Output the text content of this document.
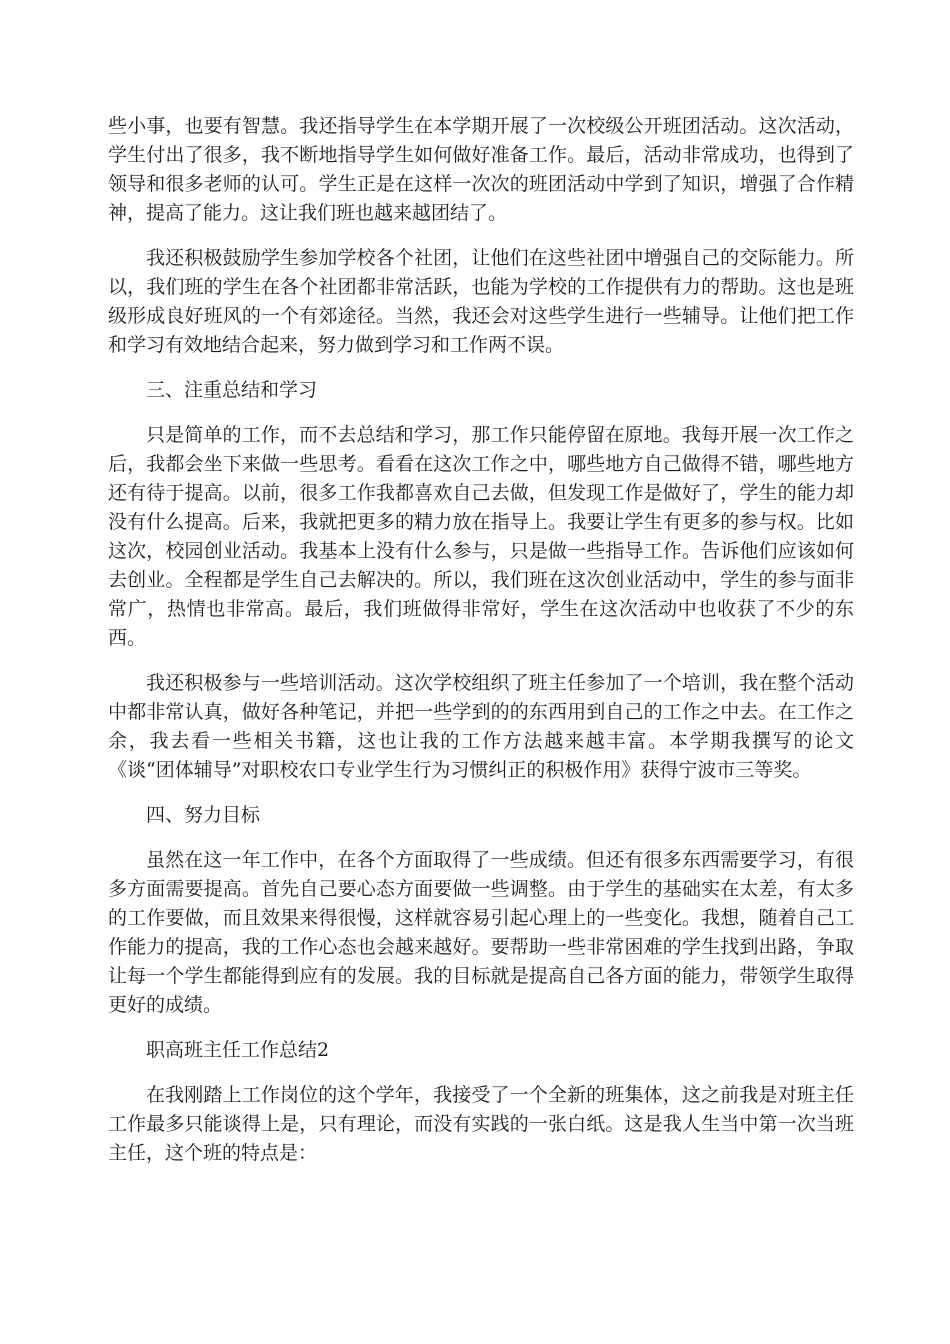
些小事，也要有智慧。我还指导学生在本学期开展了一次校级公开班团活动。这次活动，学生付出了很多，我不断地指导学生如何做好准备工作。最后，活动非常成功，也得到了领导和很多老师的认可。学生正是在这样一次次的班团活动中学到了知识，增强了合作精神，提高了能力。这让我们班也越来越团结了。

我还积极鼓励学生参加学校各个社团，让他们在这些社团中增强自己的交际能力。所以，我们班的学生在各个社团都非常活跃，也能为学校的工作提供有力的帮助。这也是班级形成良好班风的一个有郊途径。当然，我还会对这些学生进行一些辅导。让他们把工作和学习有效地结合起来，努力做到学习和工作两不误。

三、注重总结和学习

只是简单的工作，而不去总结和学习，那工作只能停留在原地。我每开展一次工作之后，我都会坐下来做一些思考。看看在这次工作之中，哪些地方自己做得不错，哪些地方还有待于提高。以前，很多工作我都喜欢自己去做，但发现工作是做好了，学生的能力却没有什么提高。后来，我就把更多的精力放在指导上。我要让学生有更多的参与权。比如这次，校园创业活动。我基本上没有什么参与，只是做一些指导工作。告诉他们应该如何去创业。全程都是学生自己去解决的。所以，我们班在这次创业活动中，学生的参与面非常广，热情也非常高。最后，我们班做得非常好，学生在这次活动中也收获了不少的东西。

我还积极参与一些培训活动。这次学校组织了班主任参加了一个培训，我在整个活动中都非常认真，做好各种笔记，并把一些学到的的东西用到自己的工作之中去。在工作之余，我去看一些相关书籍，这也让我的工作方法越来越丰富。本学期我撰写的论文《谈“团体辅导”对职校农口专业学生行为习惯纠正的积极作用》获得宁波市三等奖。

四、努力目标

虽然在这一年工作中，在各个方面取得了一些成绩。但还有很多东西需要学习，有很多方面需要提高。首先自己要心态方面要做一些调整。由于学生的基础实在太差，有太多的工作要做，而且效果来得很慢，这样就容易引起心理上的一些变化。我想，随着自己工作能力的提高，我的工作心态也会越来越好。要帮助一些非常困难的学生找到出路，争取让每一个学生都能得到应有的发展。我的目标就是提高自己各方面的能力，带领学生取得更好的成绩。

职高班主任工作总结2

在我刚踏上工作岗位的这个学年，我接受了一个全新的班集体，这之前我是对班主任工作最多只能谈得上是，只有理论，而没有实践的一张白纸。这是我人生当中第一次当班主任，这个班的特点是：
